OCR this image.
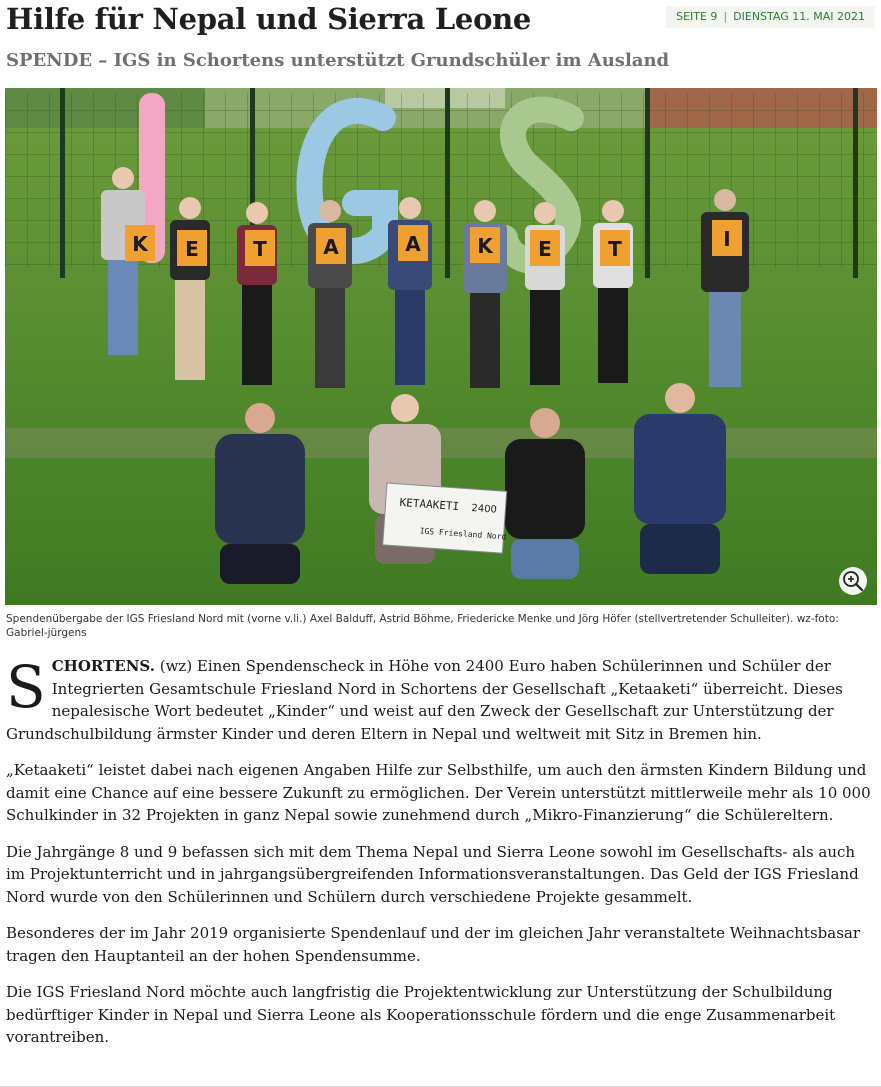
Hilfe für Nepal und Sierra Leone	SEITE 9 | DIENSTAG 11. MAI 2021
SPENDE – IGS in Schortens unterstützt Grundschüler im Ausland
K E	T	A	A	K E	T	I
KETAAKETI 2400
IGS Friesland Nord

Spendenübergabe der IGS Friesland Nord mit (vorne v.li.) Axel Balduff, Astrid Böhme, Friedericke Menke und Jörg Höfer (stellvertretender Schulleiter). wz-foto: Gabriel-jürgens

SCHORTENS. (wz) Einen Spendenscheck in Höhe von 2400 Euro haben Schülerinnen und Schüler der Integrierten Gesamtschule Friesland Nord in Schortens der Gesellschaft „Ketaaketi“ überreicht. Dieses nepalesische Wort bedeutet „Kinder“ und weist auf den Zweck der Gesellschaft zur Unterstützung der Grundschulbildung ärmster Kinder und deren Eltern in Nepal und weltweit mit Sitz in Bremen hin.

„Ketaaketi“ leistet dabei nach eigenen Angaben Hilfe zur Selbsthilfe, um auch den ärmsten Kindern Bildung und damit eine Chance auf eine bessere Zukunft zu ermöglichen. Der Verein unterstützt mittlerweile mehr als 10 000 Schulkinder in 32 Projekten in ganz Nepal sowie zunehmend durch „Mikro-Finanzierung“ die Schülereltern.

Die Jahrgänge 8 und 9 befassen sich mit dem Thema Nepal und Sierra Leone sowohl im Gesellschafts- als auch im Projektunterricht und in jahrgangsübergreifenden Informationsveranstaltungen. Das Geld der IGS Friesland Nord wurde von den Schülerinnen und Schülern durch verschiedene Projekte gesammelt.

Besonderes der im Jahr 2019 organisierte Spendenlauf und der im gleichen Jahr veranstaltete Weihnachtsbasar tragen den Hauptanteil an der hohen Spendensumme.

Die IGS Friesland Nord möchte auch langfristig die Projektentwicklung zur Unterstützung der Schulbildung bedürftiger Kinder in Nepal und Sierra Leone als Kooperationsschule fördern und die enge Zusammenarbeit vorantreiben.
